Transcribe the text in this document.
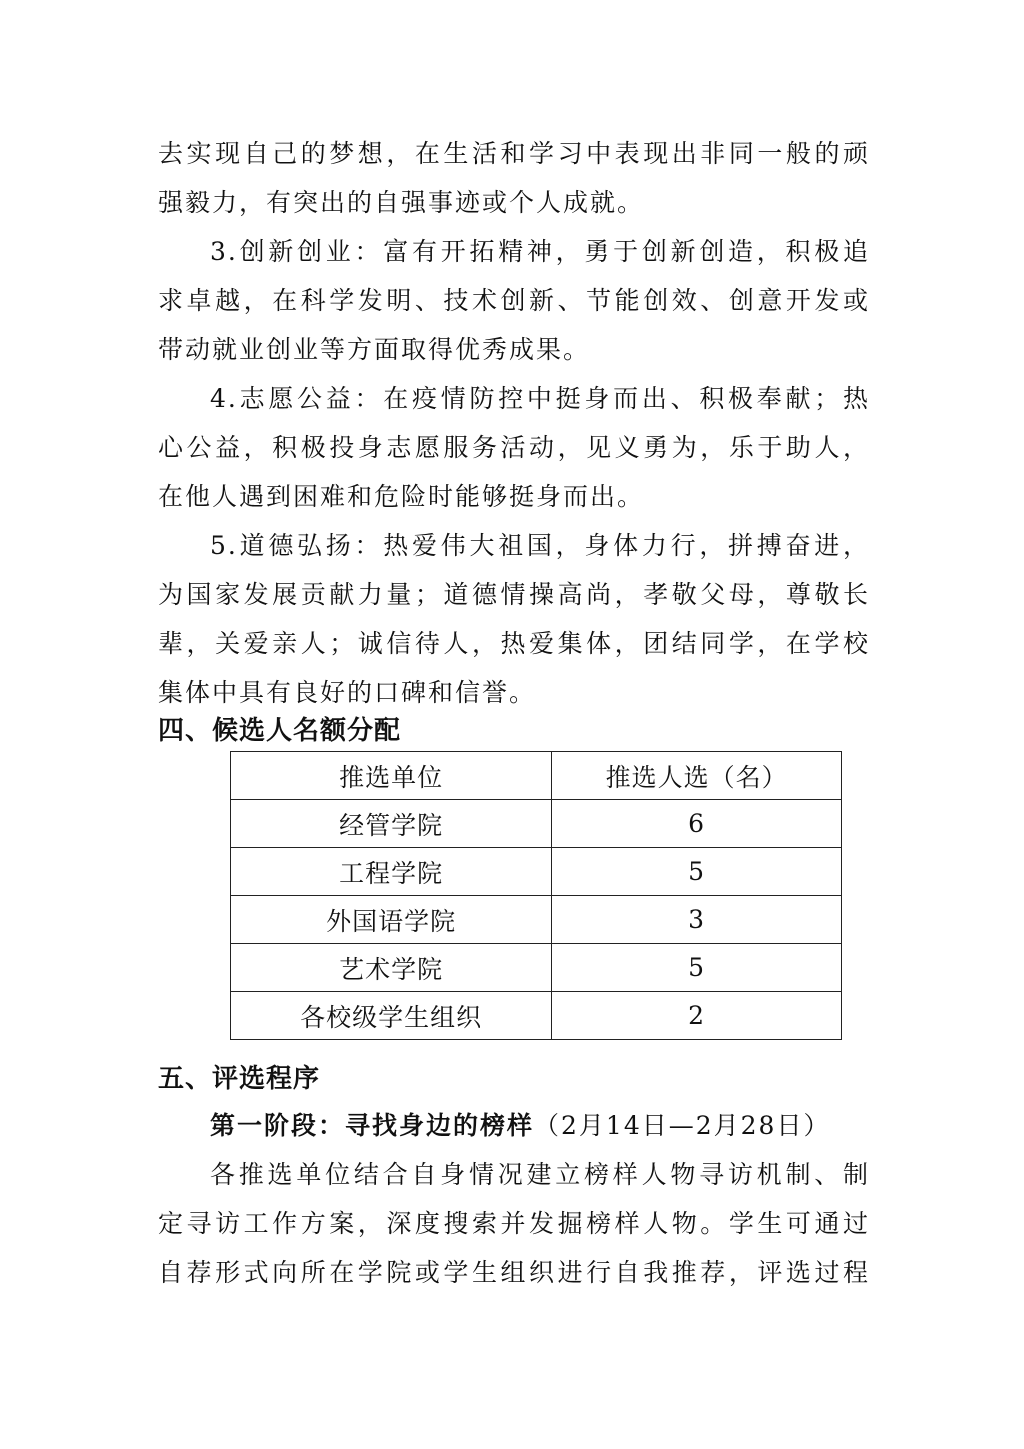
去实现自己的梦想，在生活和学习中表现出非同一般的顽
强毅力，有突出的自强事迹或个人成就。
3.创新创业：富有开拓精神，勇于创新创造，积极追
求卓越，在科学发明、技术创新、节能创效、创意开发或
带动就业创业等方面取得优秀成果。
4.志愿公益：在疫情防控中挺身而出、积极奉献；热
心公益，积极投身志愿服务活动，见义勇为，乐于助人，
在他人遇到困难和危险时能够挺身而出。
5.道德弘扬：热爱伟大祖国，身体力行，拼搏奋进，
为国家发展贡献力量；道德情操高尚，孝敬父母，尊敬长
辈，关爱亲人；诚信待人，热爱集体，团结同学，在学校
集体中具有良好的口碑和信誉。
四、候选人名额分配
推选单位	推选人选（名）
经管学院	6
工程学院	5
外国语学院	3
艺术学院	5
各校级学生组织	2
五、评选程序
第一阶段：寻找身边的榜样（2月14日—2月28日）
各推选单位结合自身情况建立榜样人物寻访机制、制
定寻访工作方案，深度搜索并发掘榜样人物。学生可通过
自荐形式向所在学院或学生组织进行自我推荐，评选过程
